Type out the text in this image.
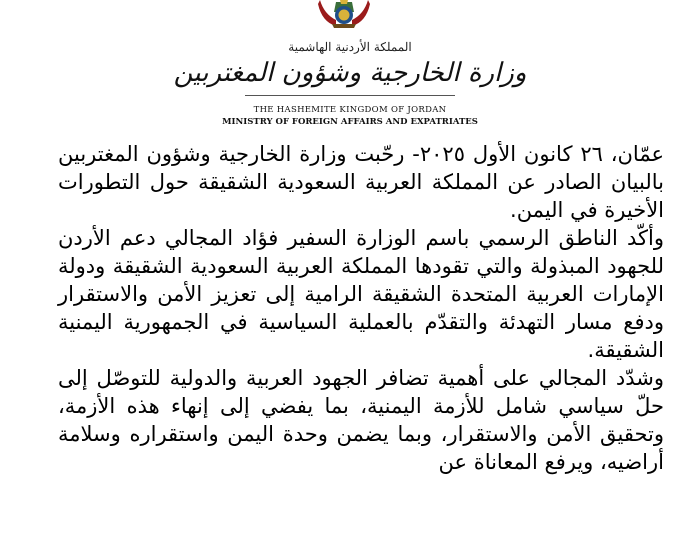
المملكة الأردنية الهاشمية
وزارة الخارجية وشؤون المغتربين
THE HASHEMITE KINGDOM OF JORDAN
MINISTRY OF FOREIGN AFFAIRS AND EXPATRIATES

عمّان، ٢٦ كانون الأول ٢٠٢٥- رحّبت وزارة الخارجية وشؤون المغتربين بالبيان الصادر عن المملكة العربية السعودية الشقيقة حول التطورات الأخيرة في اليمن.

وأكّد الناطق الرسمي باسم الوزارة السفير فؤاد المجالي دعم الأردن للجهود المبذولة والتي تقودها المملكة العربية السعودية الشقيقة ودولة الإمارات العربية المتحدة الشقيقة الرامية إلى تعزيز الأمن والاستقرار ودفع مسار التهدئة والتقدّم بالعملية السياسية في الجمهورية اليمنية الشقيقة.

وشدّد المجالي على أهمية تضافر الجهود العربية والدولية للتوصّل إلى حلّ سياسي شامل للأزمة اليمنية، بما يفضي إلى إنهاء هذه الأزمة، وتحقيق الأمن والاستقرار، وبما يضمن وحدة اليمن واستقراره وسلامة أراضيه، ويرفع المعاناة عن
